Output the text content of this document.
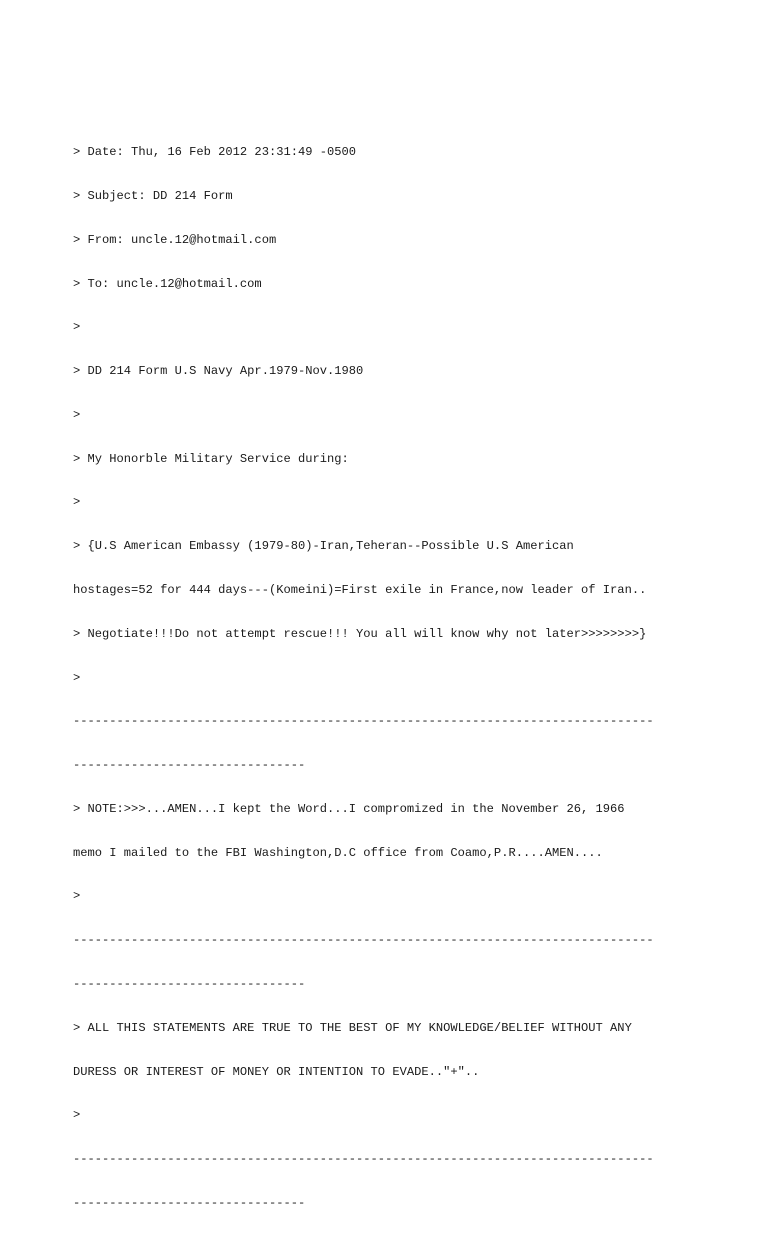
> Date: Thu, 16 Feb 2012 23:31:49 -0500

> Subject: DD 214 Form

> From: uncle.12@hotmail.com

> To: uncle.12@hotmail.com

>

> DD 214 Form U.S Navy Apr.1979-Nov.1980

>

> My Honorble Military Service during:

>

> {U.S American Embassy (1979-80)-Iran,Teheran--Possible U.S American

hostages=52 for 444 days---(Komeini)=First exile in France,now leader of Iran..

> Negotiate!!!Do not attempt rescue!!! You all will know why not later>>>>>>>>}

>

--------------------------------------------------------------------------------

--------------------------------

> NOTE:>>>...AMEN...I kept the Word...I compromized in the November 26, 1966

memo I mailed to the FBI Washington,D.C office from Coamo,P.R....AMEN....

>

--------------------------------------------------------------------------------

--------------------------------

> ALL THIS STATEMENTS ARE TRUE TO THE BEST OF MY KNOWLEDGE/BELIEF WITHOUT ANY

DURESS OR INTEREST OF MONEY OR INTENTION TO EVADE.."+"..

>

--------------------------------------------------------------------------------

--------------------------------
